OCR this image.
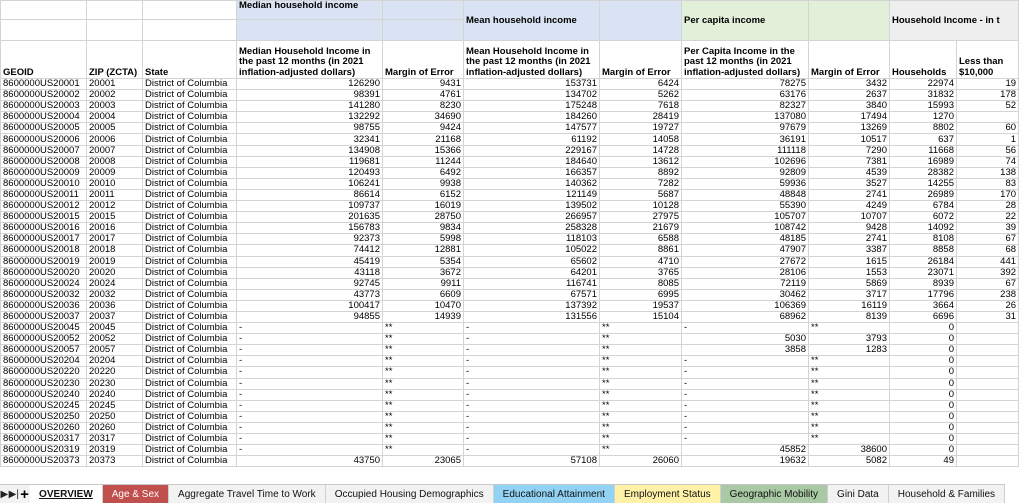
			Median household income		Mean household income		Per capita income		Household Income - in t	

GEOID	ZIP (ZCTA)	State	Median Household Income in the past 12 months (in 2021 inflation-adjusted dollars)	Margin of Error	Mean Household Income in the past 12 months (in 2021 inflation-adjusted dollars)	Margin of Error	Per Capita Income in the past 12 months (in 2021 inflation-adjusted dollars)	Margin of Error	Households	Less than $10,000
8600000US20001	20001	District of Columbia	126290	9431	153731	6424	78275	3432	22974	19
8600000US20002	20002	District of Columbia	98391	4761	134702	5262	63176	2637	31832	178
8600000US20003	20003	District of Columbia	141280	8230	175248	7618	82327	3840	15993	52
8600000US20004	20004	District of Columbia	132292	34690	184260	28419	137080	17494	1270	
8600000US20005	20005	District of Columbia	98755	9424	147577	19727	97679	13269	8802	60
8600000US20006	20006	District of Columbia	32341	21168	61192	14058	36191	10517	637	1
8600000US20007	20007	District of Columbia	134908	15366	229167	14728	111118	7290	11668	56
8600000US20008	20008	District of Columbia	119681	11244	184640	13612	102696	7381	16989	74
8600000US20009	20009	District of Columbia	120493	6492	166357	8892	92809	4539	28382	138
8600000US20010	20010	District of Columbia	106241	9938	140362	7282	59936	3527	14255	83
8600000US20011	20011	District of Columbia	86614	6152	121149	5687	48848	2741	26989	170
8600000US20012	20012	District of Columbia	109737	16019	139502	10128	55390	4249	6784	28
8600000US20015	20015	District of Columbia	201635	28750	266957	27975	105707	10707	6072	22
8600000US20016	20016	District of Columbia	156783	9834	258328	21679	108742	9428	14092	39
8600000US20017	20017	District of Columbia	92373	5998	118103	6588	48185	2741	8108	67
8600000US20018	20018	District of Columbia	74412	12881	105022	8861	47907	3387	8858	68
8600000US20019	20019	District of Columbia	45419	5354	65602	4710	27672	1615	26184	441
8600000US20020	20020	District of Columbia	43118	3672	64201	3765	28106	1553	23071	392
8600000US20024	20024	District of Columbia	92745	9911	116741	8085	72119	5869	8939	67
8600000US20032	20032	District of Columbia	43773	6609	67571	6995	30462	3717	17796	238
8600000US20036	20036	District of Columbia	100417	10470	137392	19537	106369	16119	3664	26
8600000US20037	20037	District of Columbia	94855	14939	131556	15104	68962	8139	6696	31
8600000US20045	20045	District of Columbia	-	**	-	**	-	**	0	
8600000US20052	20052	District of Columbia	-	**	-	**	5030	3793	0	
8600000US20057	20057	District of Columbia	-	**	-	**	3858	1283	0	
8600000US20204	20204	District of Columbia	-	**	-	**	-	**	0	
8600000US20220	20220	District of Columbia	-	**	-	**	-	**	0	
8600000US20230	20230	District of Columbia	-	**	-	**	-	**	0	
8600000US20240	20240	District of Columbia	-	**	-	**	-	**	0	
8600000US20245	20245	District of Columbia	-	**	-	**	-	**	0	
8600000US20250	20250	District of Columbia	-	**	-	**	-	**	0	
8600000US20260	20260	District of Columbia	-	**	-	**	-	**	0	
8600000US20317	20317	District of Columbia	-	**	-	**	-	**	0	
8600000US20319	20319	District of Columbia	-	**	-	**	45852	38600	0	
8600000US20373	20373	District of Columbia	43750	23065	57108	26060	19632	5082	49	
▶ ▶| +	OVERVIEW	Age & Sex	Aggregate Travel Time to Work	Occupied Housing Demographics	Educational Attainment	Employment Status	Geographic Mobility	Gini Data	Household & Families
